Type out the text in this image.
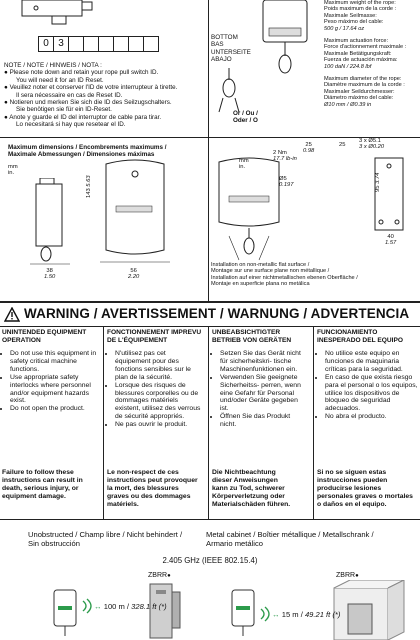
0 3

NOTE / NOTE / HINWEIS / NOTA :

● Please note down and retain your rope pull switch ID.
You will need it for an ID Reset.
● Veuillez noter et conserver l'ID de votre interrupteur à tirette.
Il sera nécessaire en cas de Reset ID.
● Notieren und merken Sie sich die ID des Seilzugschalters.
Sie benötigen sie für ein ID-Reset.
● Anote y guarde el ID del interruptor de cable para tirar.
Lo necesitará si hay que resetear el ID.
BOTTOM
BAS
UNTERSEITE
ABAJO
Or / Ou /
Oder / O
Maximum weight of the rope:
Poids maximum de la corde :
Maximale Seilmasse:
Peso máximo del cable:
500 g / 17.64 oz
Maximum actuation force:
Force d'actionnement maximale :
Maximale Betätigungskraft:
Fuerza de actuación máxima:
100 daN / 224.8 lbf
Maximum diameter of the rope:
Diamètre maximum de la corde :
Maximaler Seildurchmesser:
Diámetro máximo del cable:
Ø10 mm / Ø0.39 in
Maximum dimensions / Encombrements maximums /
Maximale Abmessungen / Dimensiones máximas
mm
in.
38
1.50
143 5.63
56
2.20
mm
in.
2 Nm
17.7 lb-in
25
0.98
25
Ø5
0.197
3 x Ø5.1
3 x Ø0.20
95 3.74
40
1.57
Installation on non-metallic flat surface /
Montage sur une surface plane non métallique /
Installation auf einer nichtmetallischen ebenen Oberfläche /
Montaje en superficie plana no metálica
WARNING / AVERTISSEMENT / WARNUNG / ADVERTENCIA
UNINTENDED EQUIPMENT
OPERATION
• Do not use this equipment in safety critical machine functions.
• Use appropriate safety interlocks where personnel and/or equipment hazards exist.
• Do not open the product.
Failure to follow these
instructions can result in
death, serious injury, or
equipment damage.
FONCTIONNEMENT IMPREVU
DE L'ÉQUIPEMENT
• N'utilisez pas cet équipement pour des fonctions sensibles sur le plan de la sécurité.
• Lorsque des risques de blessures corporelles ou de dommages matériels existent, utilisez des verrous de sécurité appropriés.
• Ne pas ouvrir le produit.
Le non-respect de ces
instructions peut provoquer
la mort, des blessures
graves ou des dommages
matériels.
UNBEABSICHTIGTER
BETRIEB VON GERÄTEN
• Setzen Sie das Gerät nicht für sicherheitskri- tische Maschinenfunktionen ein.
• Verwenden Sie geeignete Sicherheitss- perren, wenn eine Gefahr für Personal und/oder Geräte gegeben ist.
• Öffnen Sie das Produkt nicht.
Die Nichtbeachtung
dieser Anweisungen
kann zu Tod, schwerer
Körperverletzung oder
Materialschäden führen.
FUNCIONAMIENTO
INESPERADO DEL EQUIPO
• No utilice este equipo en funciones de maquinaria críticas para la seguridad.
• En caso de que exista riesgo para el personal o los equipos, utilice los dispositivos de bloqueo de seguridad adecuados.
• No abra el producto.
Si no se siguen estas
instrucciones pueden
producirse lesiones
personales graves o mortales
o daños en el equipo.
Unobstructed / Champ libre / Nicht behindert /
Sin obstrucción
Metal cabinet / Boîtier métallique / Metallschrank /
Armario metálico
2.405 GHz (IEEE 802.15.4)
ZBRR●
↔ 100 m / 328.1 ft (*)
ZBRR●
↔ 15 m / 49.21 ft (*)
